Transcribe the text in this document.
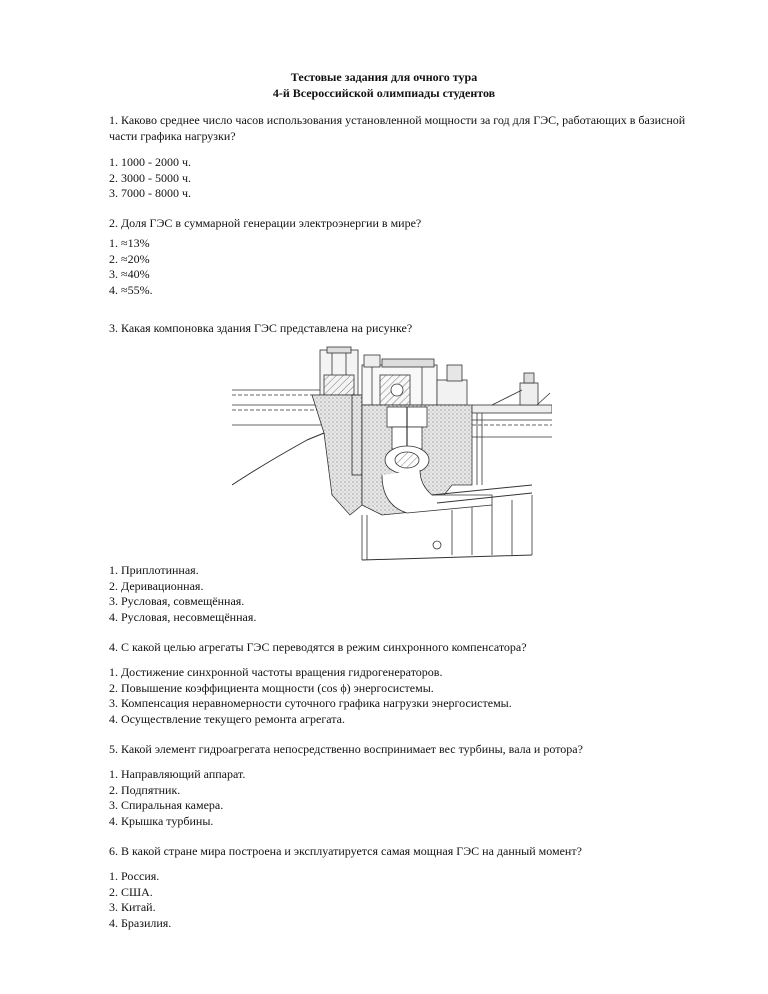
Тестовые задания для очного тура
4-й Всероссийской олимпиады студентов
1. Каково среднее число часов использования установленной мощности за год для ГЭС, работающих в базисной части графика нагрузки?
1. 1000 - 2000 ч.
2. 3000 - 5000 ч.
3. 7000 - 8000 ч.
2. Доля ГЭС в суммарной генерации электроэнергии в мире?
1. ≈13%
2. ≈20%
3. ≈40%
4. ≈55%.
3. Какая компоновка здания ГЭС представлена на рисунке?
1. Приплотинная.
2. Деривационная.
3. Русловая, совмещённая.
4. Русловая, несовмещённая.
4. С какой целью агрегаты ГЭС переводятся в режим синхронного компенсатора?
1. Достижение синхронной частоты вращения гидрогенераторов.
2. Повышение коэффициента мощности (cos ϕ) энергосистемы.
3. Компенсация неравномерности суточного графика нагрузки энергосистемы.
4. Осуществление текущего ремонта агрегата.
5. Какой элемент гидроагрегата непосредственно воспринимает вес турбины, вала и ротора?
1. Направляющий аппарат.
2. Подпятник.
3. Спиральная камера.
4. Крышка турбины.
6. В какой стране мира построена и эксплуатируется самая мощная ГЭС на данный момент?
1. Россия.
2. США.
3. Китай.
4. Бразилия.
